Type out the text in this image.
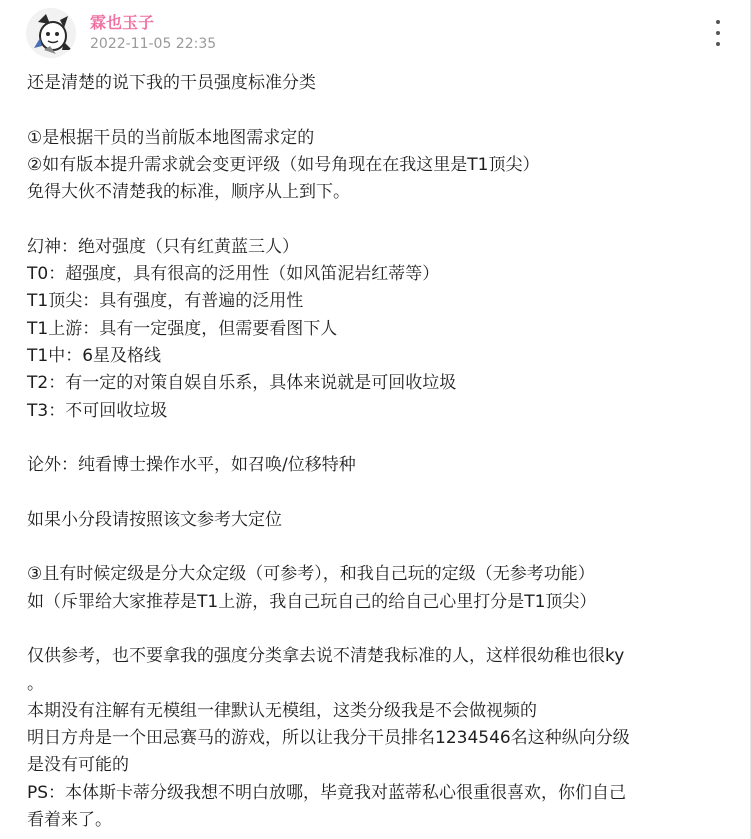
霖也玉子
2022-11-05 22:35
还是清楚的说下我的干员强度标准分类
①是根据干员的当前版本地图需求定的
②如有版本提升需求就会变更评级（如号角现在在我这里是T1顶尖）
免得大伙不清楚我的标准，顺序从上到下。
幻神：绝对强度（只有红黄蓝三人）
T0：超强度，具有很高的泛用性（如风笛泥岩红蒂等）
T1顶尖：具有强度，有普遍的泛用性
T1上游：具有一定强度，但需要看图下人
T1中：6星及格线
T2：有一定的对策自娱自乐系，具体来说就是可回收垃圾
T3：不可回收垃圾
论外：纯看博士操作水平，如召唤/位移特种
如果小分段请按照该文参考大定位
③且有时候定级是分大众定级（可参考），和我自己玩的定级（无参考功能）
如（斥罪给大家推荐是T1上游，我自己玩自己的给自己心里打分是T1顶尖）
仅供参考，也不要拿我的强度分类拿去说不清楚我标准的人，这样很幼稚也很ky
。
本期没有注解有无模组一律默认无模组，这类分级我是不会做视频的
明日方舟是一个田忌赛马的游戏，所以让我分干员排名1234546名这种纵向分级
是没有可能的
PS：本体斯卡蒂分级我想不明白放哪，毕竟我对蓝蒂私心很重很喜欢，你们自己
看着来了。
